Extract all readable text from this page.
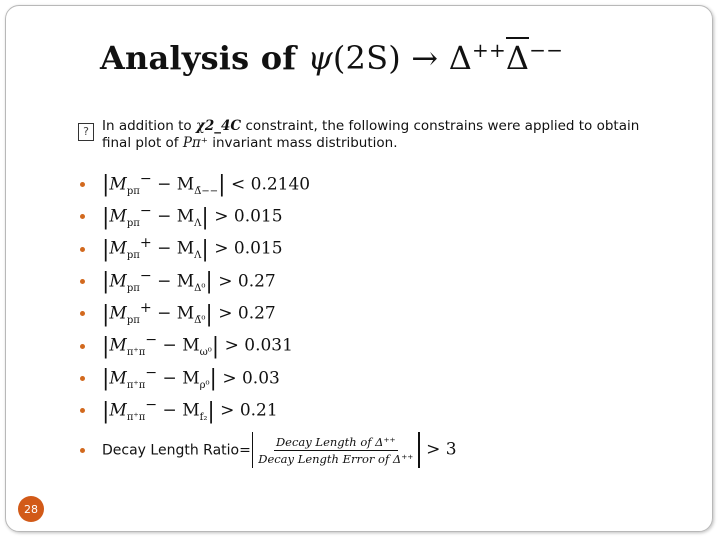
Analysis of ψ(2S) → Δ++Δ−−
? In addition to χ2_4C constraint, the following constrains were applied to obtain final plot of Pπ⁺ invariant mass distribution.
$|M_{p\pi}^- - M_{\Deltā--}| < 0.2140$
$|M_{p\pi}^- - M_\Lambda| > 0.015$
$|M_{p\pi}^+ - M_\Lambda| > 0.015$
$|M_{p\pi}^- - M_{\Delta^0}| > 0.27$
$|M_{p\pi}^+ - M_{\Deltā^0}| > 0.27$
$|M_{\pi^+\pi}^- - M_{\omega^0}| > 0.031$
$|M_{\pi^+\pi}^- - M_{\rho^0}| > 0.03$
$|M_{\pi^+\pi}^- - M_{f_2}| > 0.21$
Decay Length Ratio= $\frac{\text{Decay Length of Δ⁺⁺}}{\text{Decay Length Error of Δ⁺⁺}} > 3$
28
